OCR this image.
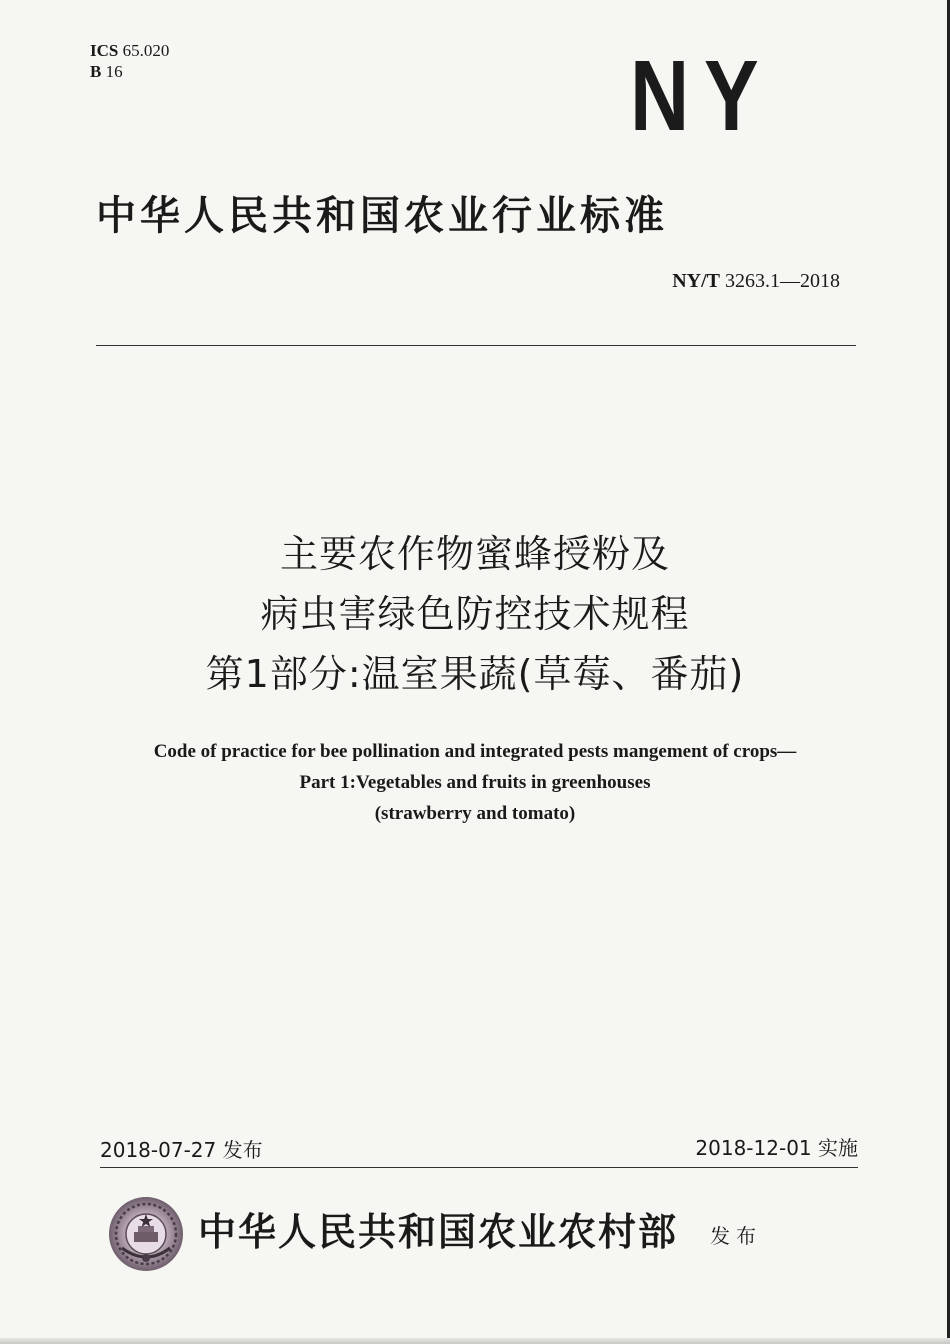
ICS 65.020
B 16	NY
中华人民共和国农业行业标准
NY/T 3263.1—2018
主要农作物蜜蜂授粉及
病虫害绿色防控技术规程
第1部分:温室果蔬(草莓、番茄)
Code of practice for bee pollination and integrated pests mangement of crops—
Part 1:Vegetables and fruits in greenhouses
(strawberry and tomato)
2018-07-27 发布	2018-12-01 实施
中华人民共和国农业农村部 发布
